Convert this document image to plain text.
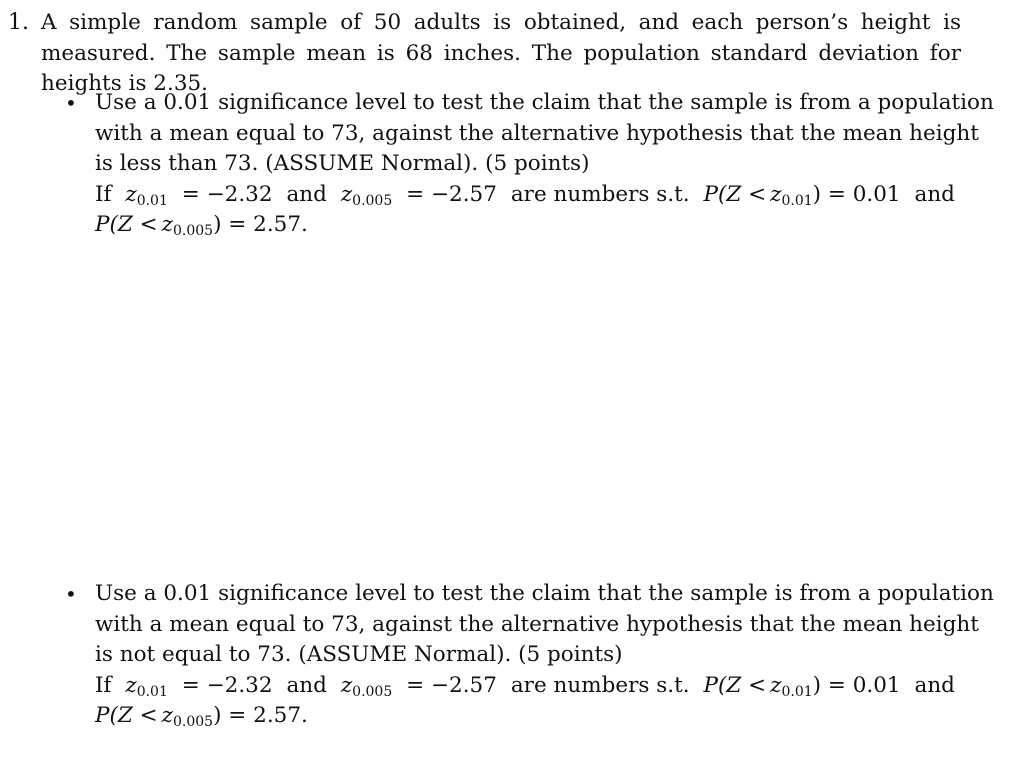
1. A simple random sample of 50 adults is obtained, and each person’s height is measured. The sample mean is 68 inches. The population standard deviation for heights is 2.35.
• Use a 0.01 significance level to test the claim that the sample is from a population
with a mean equal to 73, against the alternative hypothesis that the mean height
is less than 73. (ASSUME Normal). (5 points)
If $z_{0.01} = -2.32$ and $z_{0.005} = -2.57$ are numbers s.t. $P(Z < z_{0.01}) = 0.01$ and
$P(Z < z_{0.005}) = 2.57$.
• Use a 0.01 significance level to test the claim that the sample is from a population
with a mean equal to 73, against the alternative hypothesis that the mean height
is not equal to 73. (ASSUME Normal). (5 points)
If $z_{0.01} = -2.32$ and $z_{0.005} = -2.57$ are numbers s.t. $P(Z < z_{0.01}) = 0.01$ and
$P(Z < z_{0.005}) = 2.57$.
